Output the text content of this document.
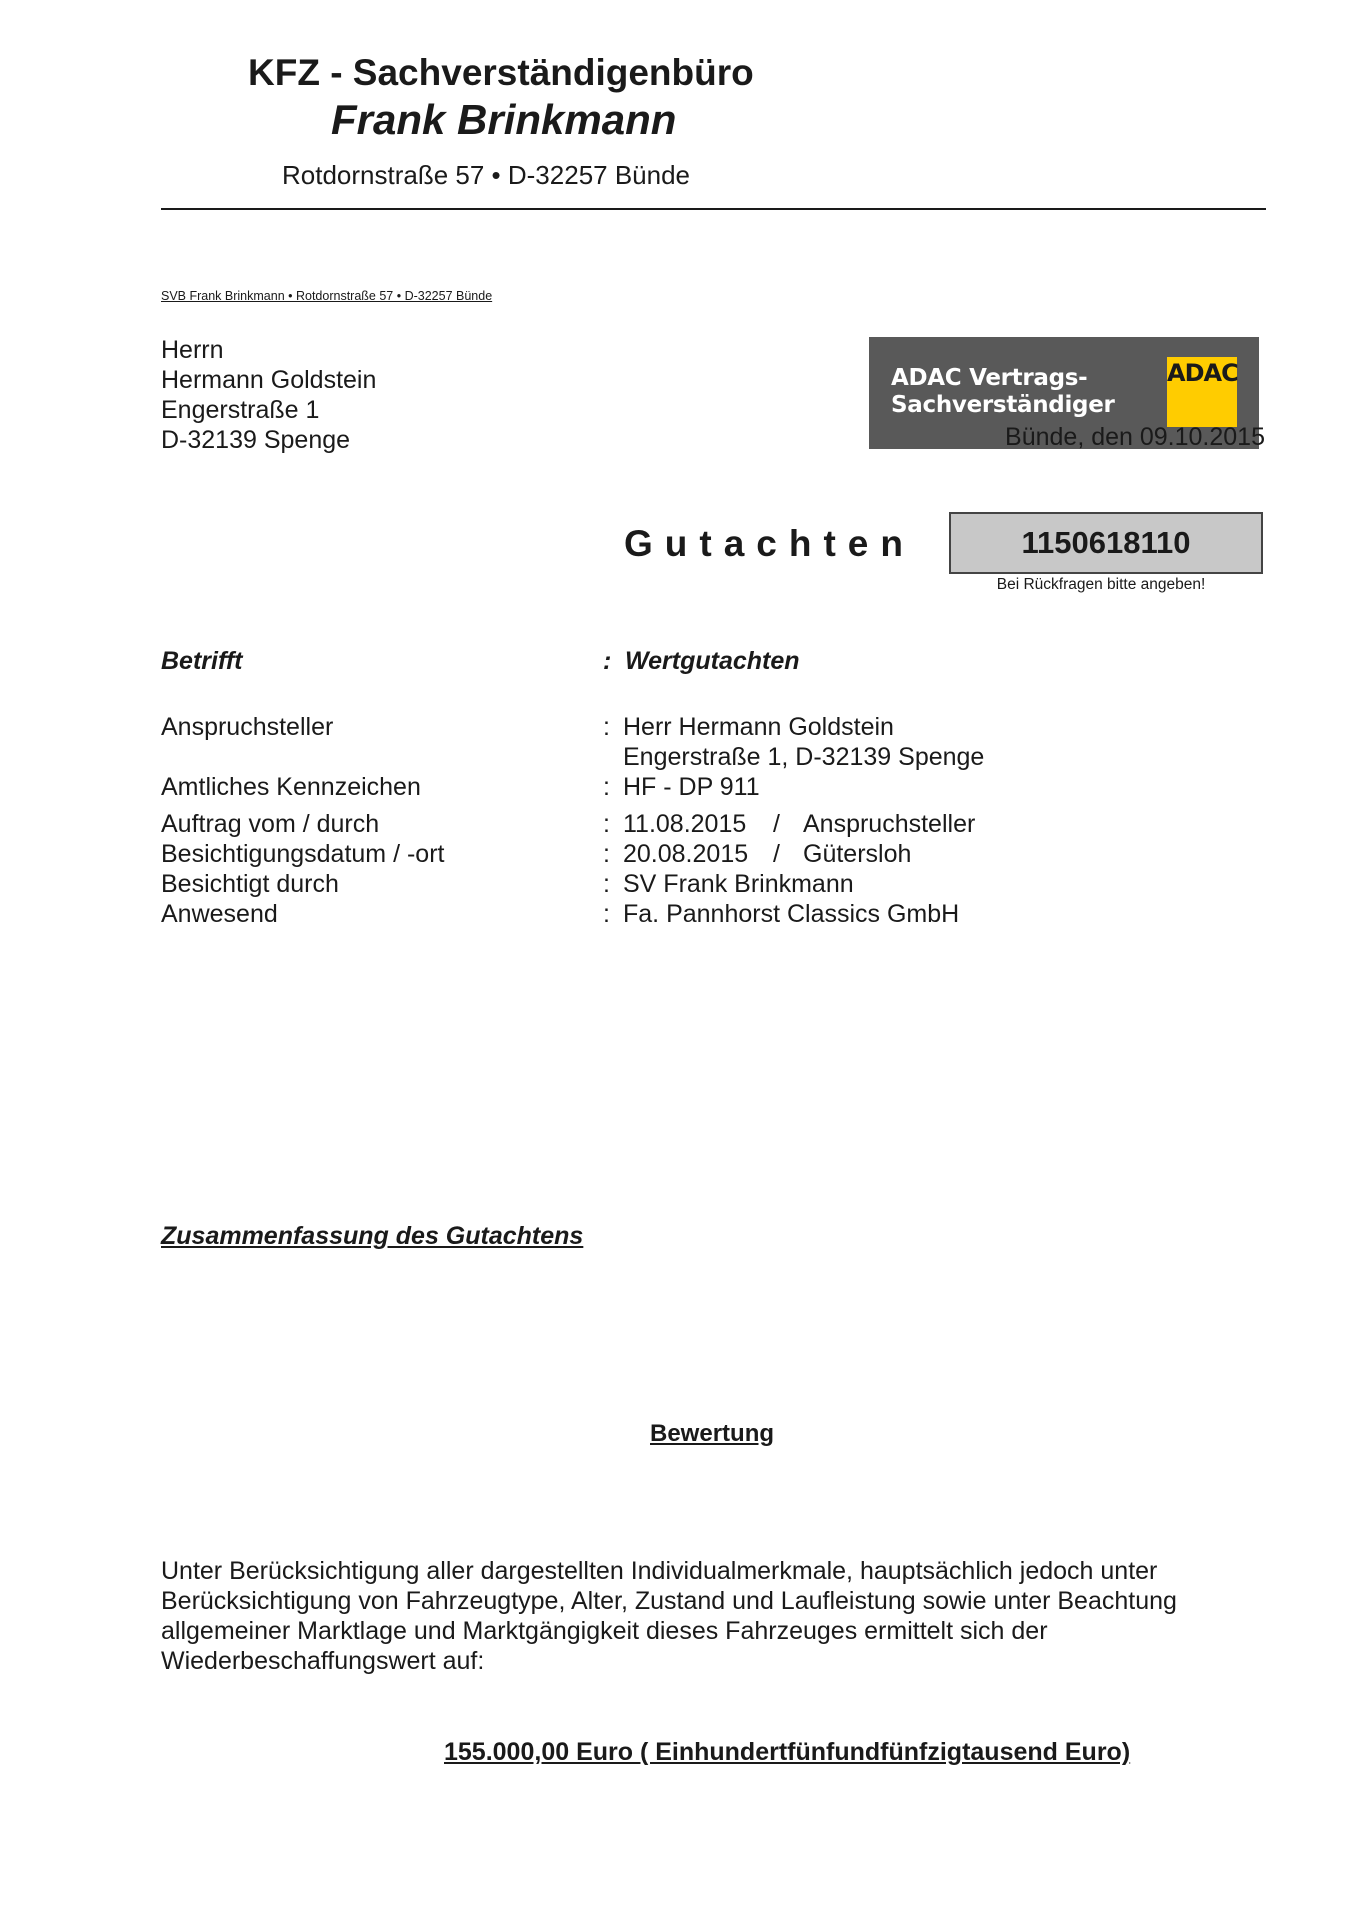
KFZ - Sachverständigenbüro
Frank Brinkmann
Rotdornstraße 57 • D-32257 Bünde
SVB Frank Brinkmann • Rotdornstraße 57 • D-32257 Bünde
Herrn
Hermann Goldstein
Engerstraße 1
D-32139 Spenge
ADAC Vertrags-
Sachverständiger
ADAC
Bünde, den 09.10.2015
Gutachten	1150618110
Bei Rückfragen bitte angeben!
Betrifft	: Wertgutachten
Anspruchsteller	: Herr Hermann Goldstein
Engerstraße 1, D-32139 Spenge
Amtliches Kennzeichen	: HF - DP 911
Auftrag vom / durch	: 11.08.2015 / Anspruchsteller
Besichtigungsdatum / -ort	: 20.08.2015 / Gütersloh
Besichtigt durch	: SV Frank Brinkmann
Anwesend	: Fa. Pannhorst Classics GmbH
Zusammenfassung des Gutachtens
Bewertung
Unter Berücksichtigung aller dargestellten Individualmerkmale, hauptsächlich jedoch unter
Berücksichtigung von Fahrzeugtype, Alter, Zustand und Laufleistung sowie unter Beachtung
allgemeiner Marktlage und Marktgängigkeit dieses Fahrzeuges ermittelt sich der
Wiederbeschaffungswert auf:
155.000,00 Euro ( Einhundertfünfundfünfzigtausend Euro)
